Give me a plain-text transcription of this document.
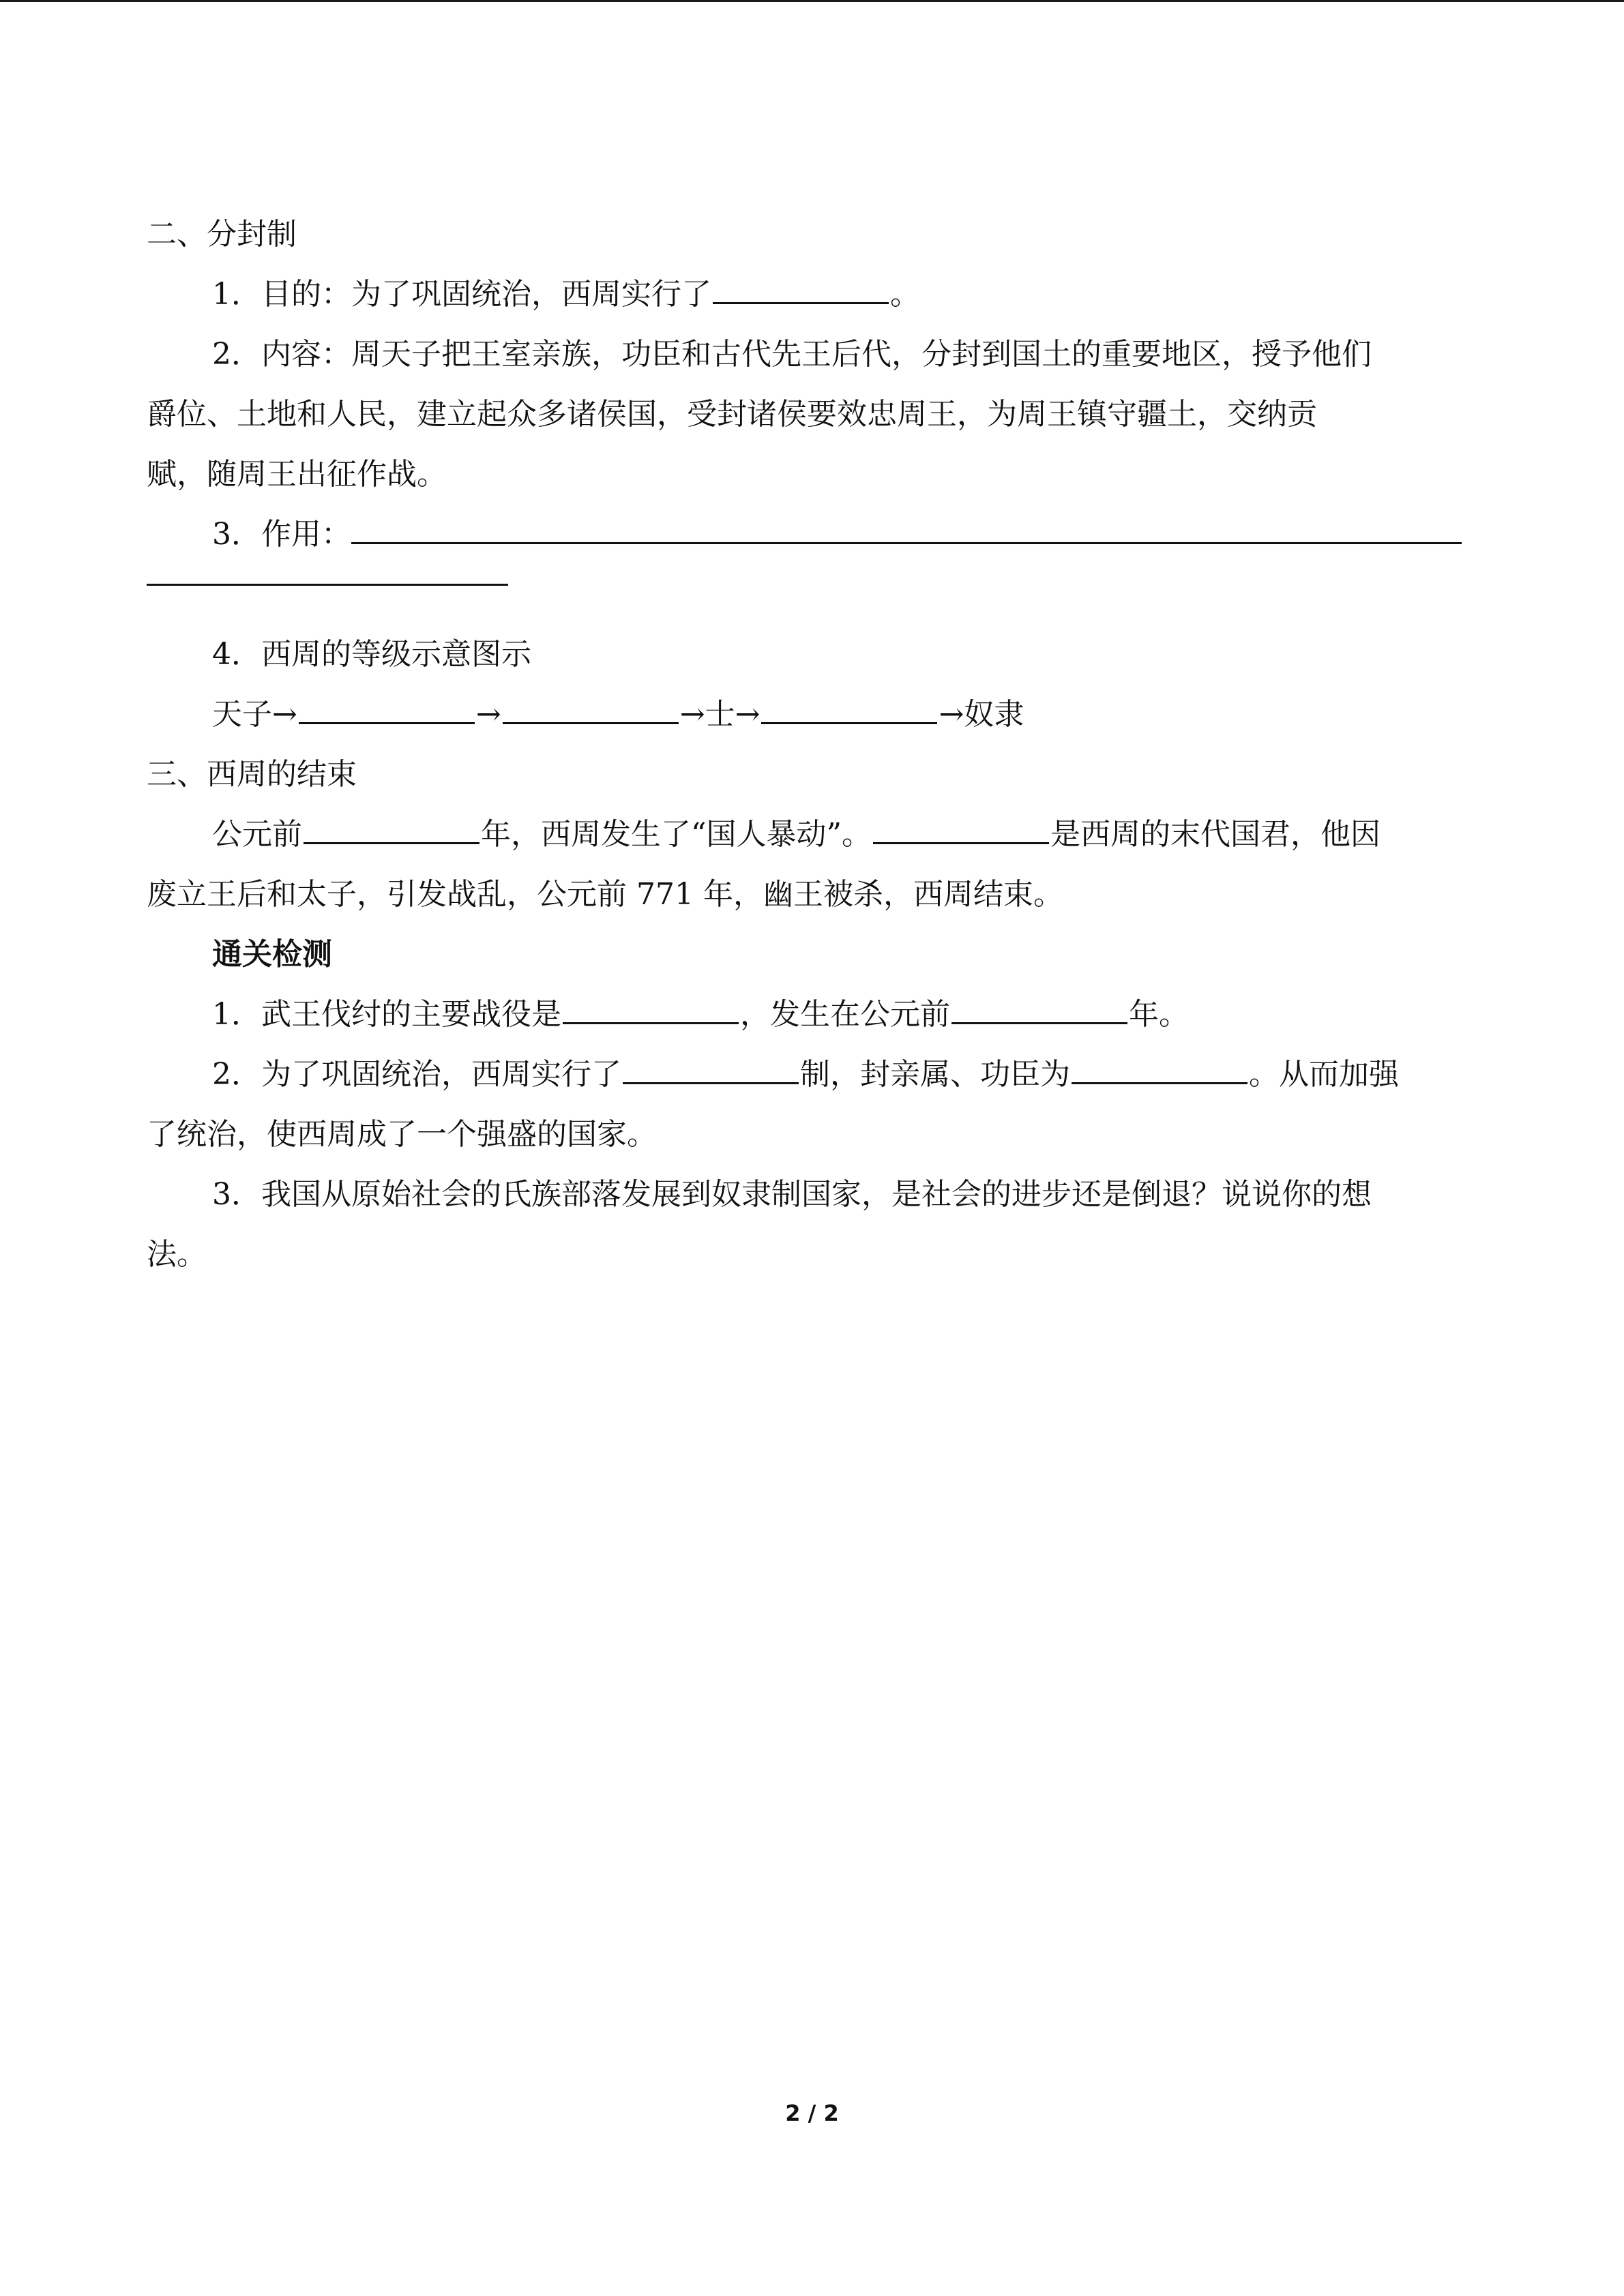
二、分封制
1．目的：为了巩固统治，西周实行了	。
2．内容：周天子把王室亲族，功臣和古代先王后代，分封到国土的重要地区，授予他们
爵位、土地和人民，建立起众多诸侯国，受封诸侯要效忠周王，为周王镇守疆土，交纳贡
赋，随周王出征作战。
3．作用：
4．西周的等级示意图示
天子→	→	→士→	→奴隶
三、西周的结束
公元前	年，西周发生了“国人暴动”。	是西周的末代国君，他因
废立王后和太子，引发战乱，公元前 771 年，幽王被杀，西周结束。
通关检测
1．武王伐纣的主要战役是	，发生在公元前	年。
2．为了巩固统治，西周实行了	制，封亲属、功臣为	。从而加强
了统治，使西周成了一个强盛的国家。
3．我国从原始社会的氏族部落发展到奴隶制国家，是社会的进步还是倒退？说说你的想
法。
2 / 2
